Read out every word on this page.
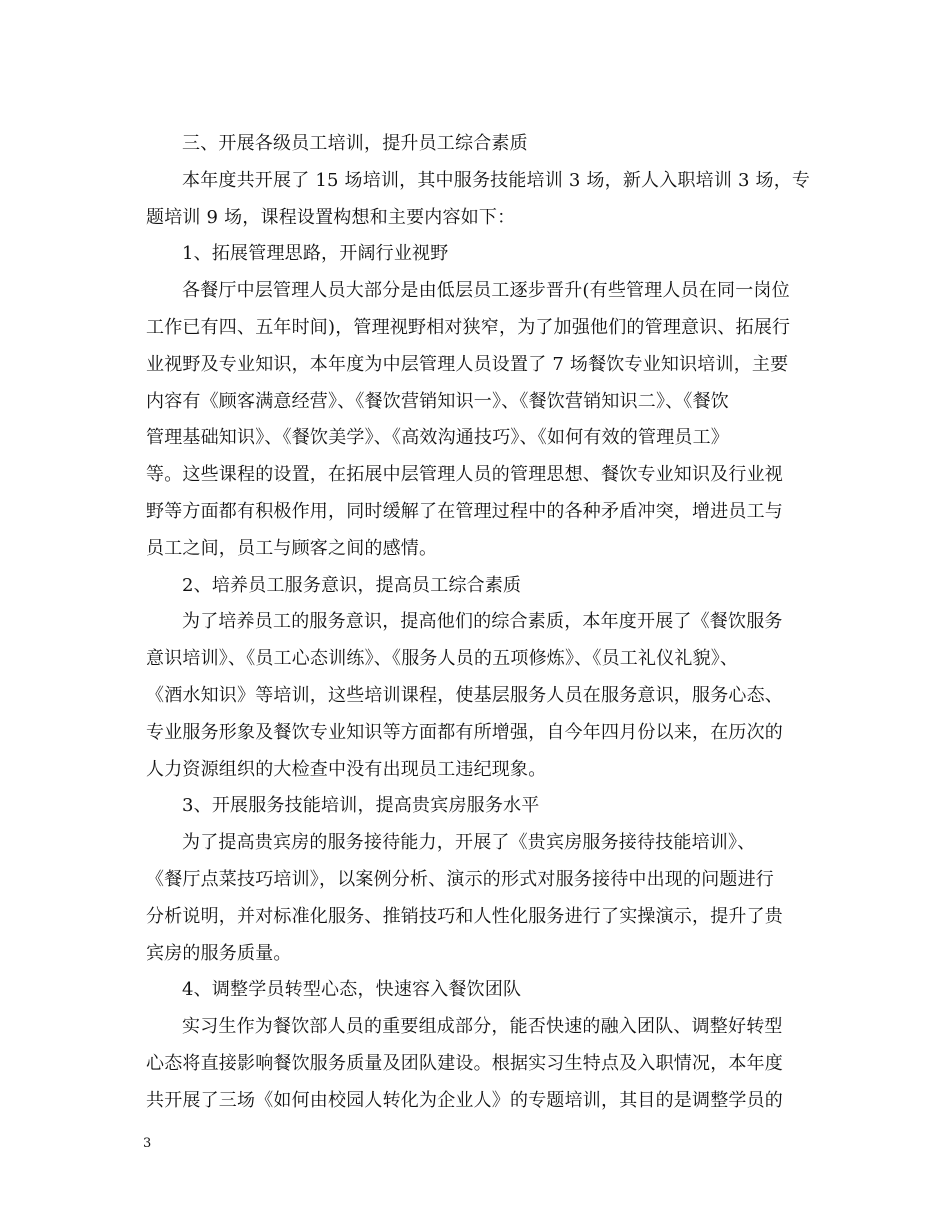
三、开展各级员工培训，提升员工综合素质
本年度共开展了 15 场培训，其中服务技能培训 3 场，新人入职培训 3 场，专
题培训 9 场，课程设置构想和主要内容如下：
1、拓展管理思路，开阔行业视野
各餐厅中层管理人员大部分是由低层员工逐步晋升(有些管理人员在同一岗位
工作已有四、五年时间)，管理视野相对狭窄，为了加强他们的管理意识、拓展行
业视野及专业知识，本年度为中层管理人员设置了 7 场餐饮专业知识培训，主要
内容有《顾客满意经营》、《餐饮营销知识一》、《餐饮营销知识二》、《餐饮
管理基础知识》、《餐饮美学》、《高效沟通技巧》、《如何有效的管理员工》
等。这些课程的设置，在拓展中层管理人员的管理思想、餐饮专业知识及行业视
野等方面都有积极作用，同时缓解了在管理过程中的各种矛盾冲突，增进员工与
员工之间，员工与顾客之间的感情。
2、培养员工服务意识，提高员工综合素质
为了培养员工的服务意识，提高他们的综合素质，本年度开展了《餐饮服务
意识培训》、《员工心态训练》、《服务人员的五项修炼》、《员工礼仪礼貌》、
《酒水知识》等培训，这些培训课程，使基层服务人员在服务意识，服务心态、
专业服务形象及餐饮专业知识等方面都有所增强，自今年四月份以来，在历次的
人力资源组织的大检查中没有出现员工违纪现象。
3、开展服务技能培训，提高贵宾房服务水平
为了提高贵宾房的服务接待能力，开展了《贵宾房服务接待技能培训》、
《餐厅点菜技巧培训》，以案例分析、演示的形式对服务接待中出现的问题进行
分析说明，并对标准化服务、推销技巧和人性化服务进行了实操演示，提升了贵
宾房的服务质量。
4、调整学员转型心态，快速容入餐饮团队
实习生作为餐饮部人员的重要组成部分，能否快速的融入团队、调整好转型
心态将直接影响餐饮服务质量及团队建设。根据实习生特点及入职情况，本年度
共开展了三场《如何由校园人转化为企业人》的专题培训，其目的是调整学员的
3
